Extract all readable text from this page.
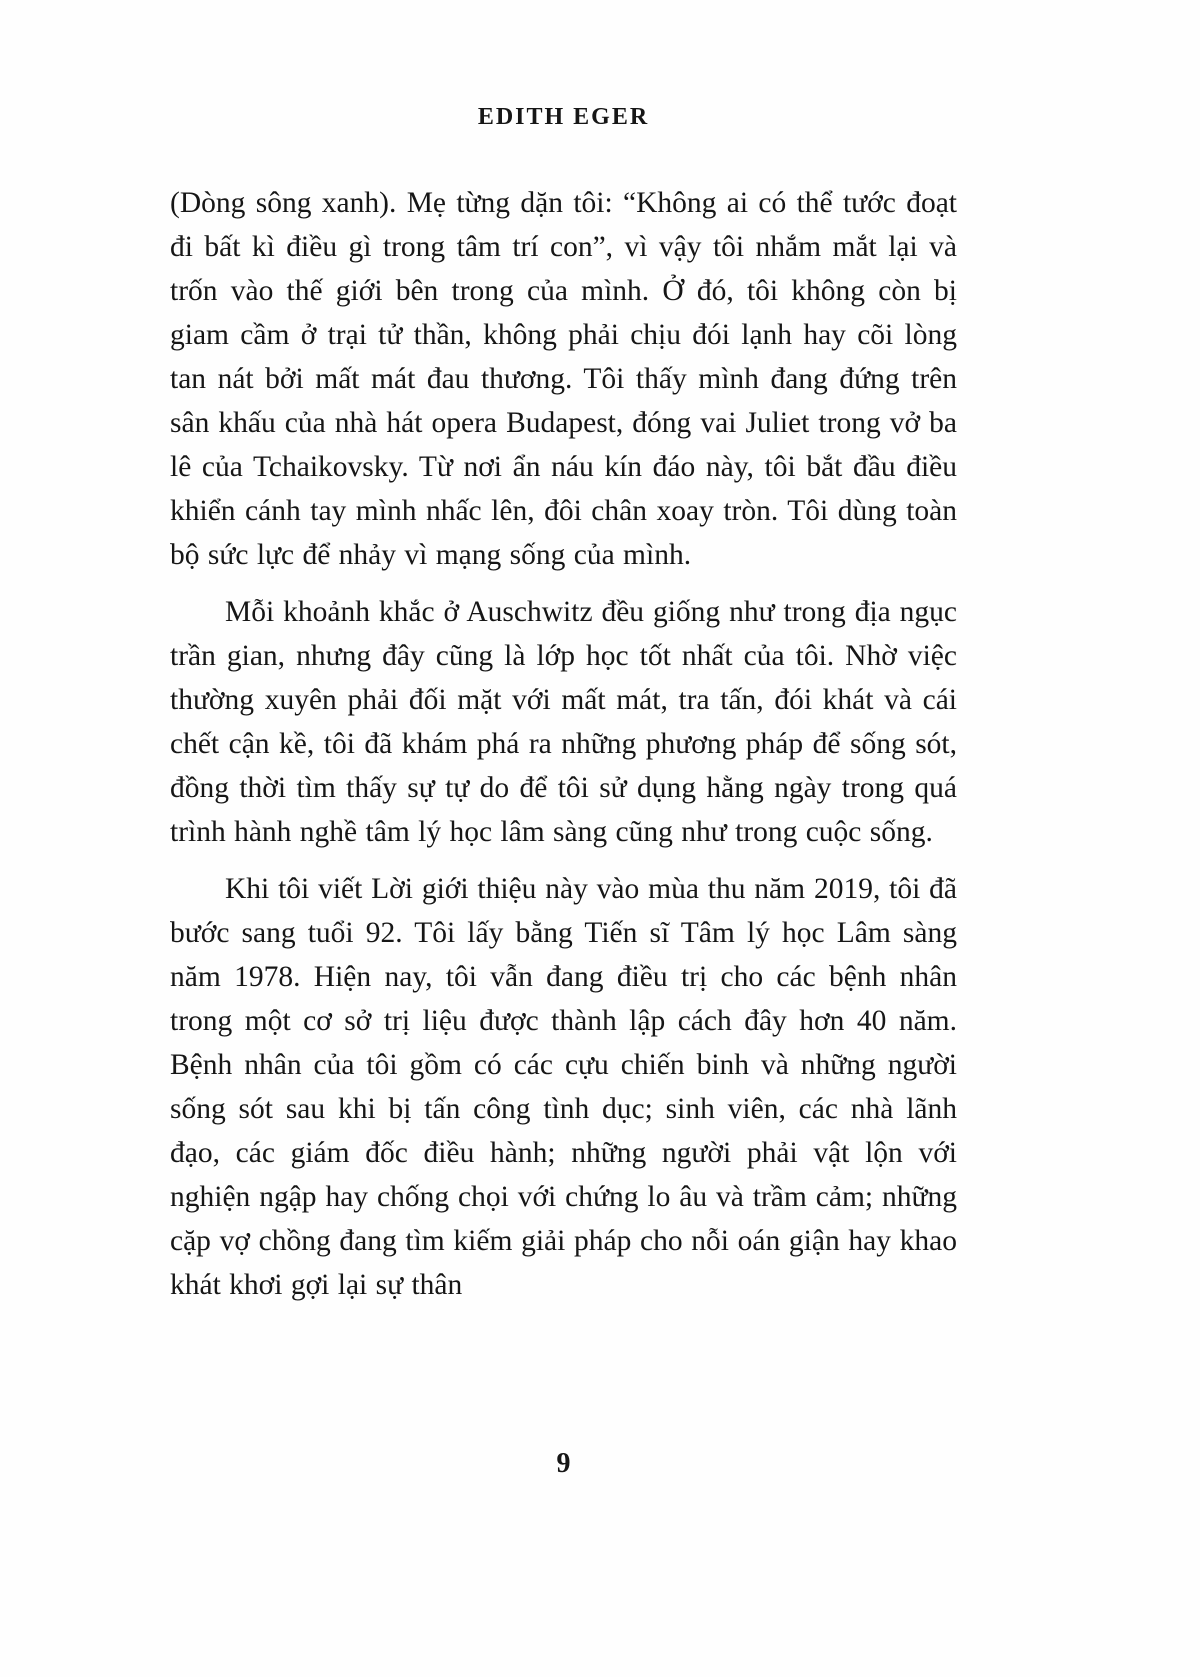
EDITH EGER

(Dòng sông xanh). Mẹ từng dặn tôi: “Không ai có thể tước đoạt đi bất kì điều gì trong tâm trí con”, vì vậy tôi nhắm mắt lại và trốn vào thế giới bên trong của mình. Ở đó, tôi không còn bị giam cầm ở trại tử thần, không phải chịu đói lạnh hay cõi lòng tan nát bởi mất mát đau thương. Tôi thấy mình đang đứng trên sân khấu của nhà hát opera Budapest, đóng vai Juliet trong vở ba lê của Tchaikovsky. Từ nơi ẩn náu kín đáo này, tôi bắt đầu điều khiển cánh tay mình nhấc lên, đôi chân xoay tròn. Tôi dùng toàn bộ sức lực để nhảy vì mạng sống của mình.

Mỗi khoảnh khắc ở Auschwitz đều giống như trong địa ngục trần gian, nhưng đây cũng là lớp học tốt nhất của tôi. Nhờ việc thường xuyên phải đối mặt với mất mát, tra tấn, đói khát và cái chết cận kề, tôi đã khám phá ra những phương pháp để sống sót, đồng thời tìm thấy sự tự do để tôi sử dụng hằng ngày trong quá trình hành nghề tâm lý học lâm sàng cũng như trong cuộc sống.

Khi tôi viết Lời giới thiệu này vào mùa thu năm 2019, tôi đã bước sang tuổi 92. Tôi lấy bằng Tiến sĩ Tâm lý học Lâm sàng năm 1978. Hiện nay, tôi vẫn đang điều trị cho các bệnh nhân trong một cơ sở trị liệu được thành lập cách đây hơn 40 năm. Bệnh nhân của tôi gồm có các cựu chiến binh và những người sống sót sau khi bị tấn công tình dục; sinh viên, các nhà lãnh đạo, các giám đốc điều hành; những người phải vật lộn với nghiện ngập hay chống chọi với chứng lo âu và trầm cảm; những cặp vợ chồng đang tìm kiếm giải pháp cho nỗi oán giận hay khao khát khơi gợi lại sự thân

9
